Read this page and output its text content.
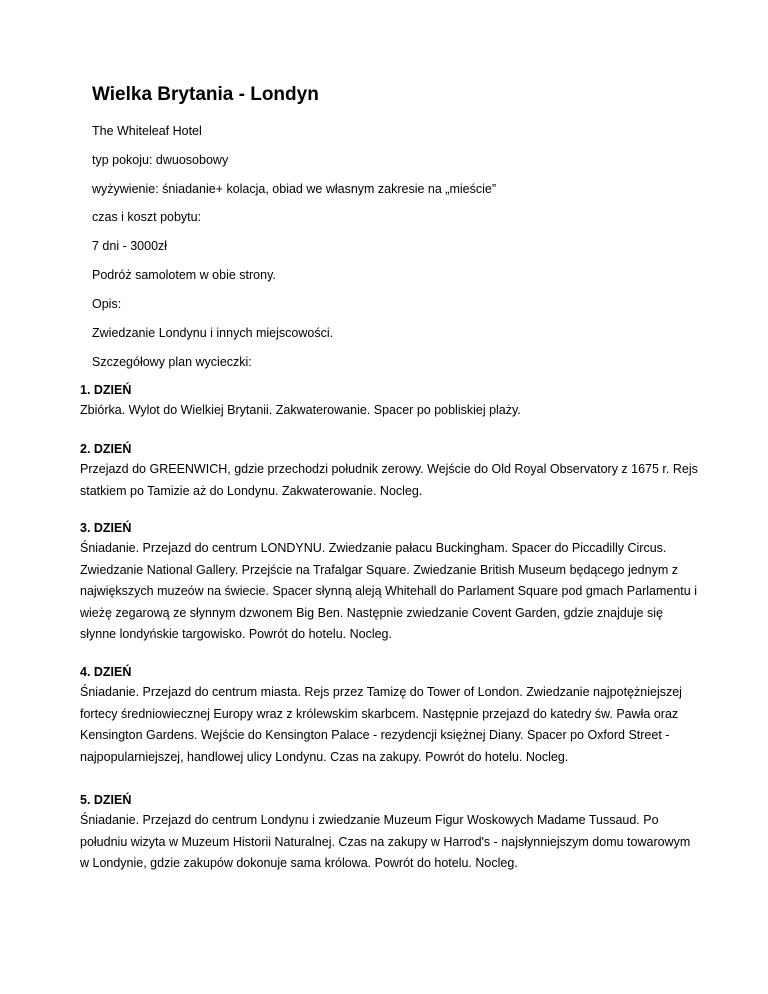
Wielka Brytania - Londyn

The Whiteleaf Hotel

typ pokoju: dwuosobowy

wyżywienie: śniadanie+ kolacja, obiad we własnym zakresie na „mieście”

czas i koszt pobytu:

7 dni - 3000zł

Podróż samolotem w obie strony.

Opis:

Zwiedzanie Londynu i innych miejscowości.

Szczegółowy plan wycieczki:

1. DZIEŃ

Zbiórka. Wylot do Wielkiej Brytanii. Zakwaterowanie. Spacer po pobliskiej plaży.

2. DZIEŃ

Przejazd do GREENWICH, gdzie przechodzi południk zerowy. Wejście do Old Royal Observatory z 1675 r. Rejs statkiem po Tamizie aż do Londynu. Zakwaterowanie. Nocleg.

3. DZIEŃ

Śniadanie. Przejazd do centrum LONDYNU. Zwiedzanie pałacu Buckingham. Spacer do Piccadilly Circus. Zwiedzanie National Gallery. Przejście na Trafalgar Square. Zwiedzanie British Museum będącego jednym z największych muzeów na świecie. Spacer słynną aleją Whitehall do Parlament Square pod gmach Parlamentu i wieżę zegarową ze słynnym dzwonem Big Ben. Następnie zwiedzanie Covent Garden, gdzie znajduje się słynne londyńskie targowisko. Powrót do hotelu. Nocleg.

4. DZIEŃ

Śniadanie. Przejazd do centrum miasta. Rejs przez Tamizę do Tower of London. Zwiedzanie najpotężniejszej fortecy średniowiecznej Europy wraz z królewskim skarbcem. Następnie przejazd do katedry św. Pawła oraz Kensington Gardens. Wejście do Kensington Palace - rezydencji księżnej Diany. Spacer po Oxford Street - najpopularniejszej, handlowej ulicy Londynu. Czas na zakupy. Powrót do hotelu. Nocleg.

5. DZIEŃ

Śniadanie. Przejazd do centrum Londynu i zwiedzanie Muzeum Figur Woskowych Madame Tussaud. Po południu wizyta w Muzeum Historii Naturalnej. Czas na zakupy w Harrod's - najsłynniejszym domu towarowym w Londynie, gdzie zakupów dokonuje sama królowa. Powrót do hotelu. Nocleg.
